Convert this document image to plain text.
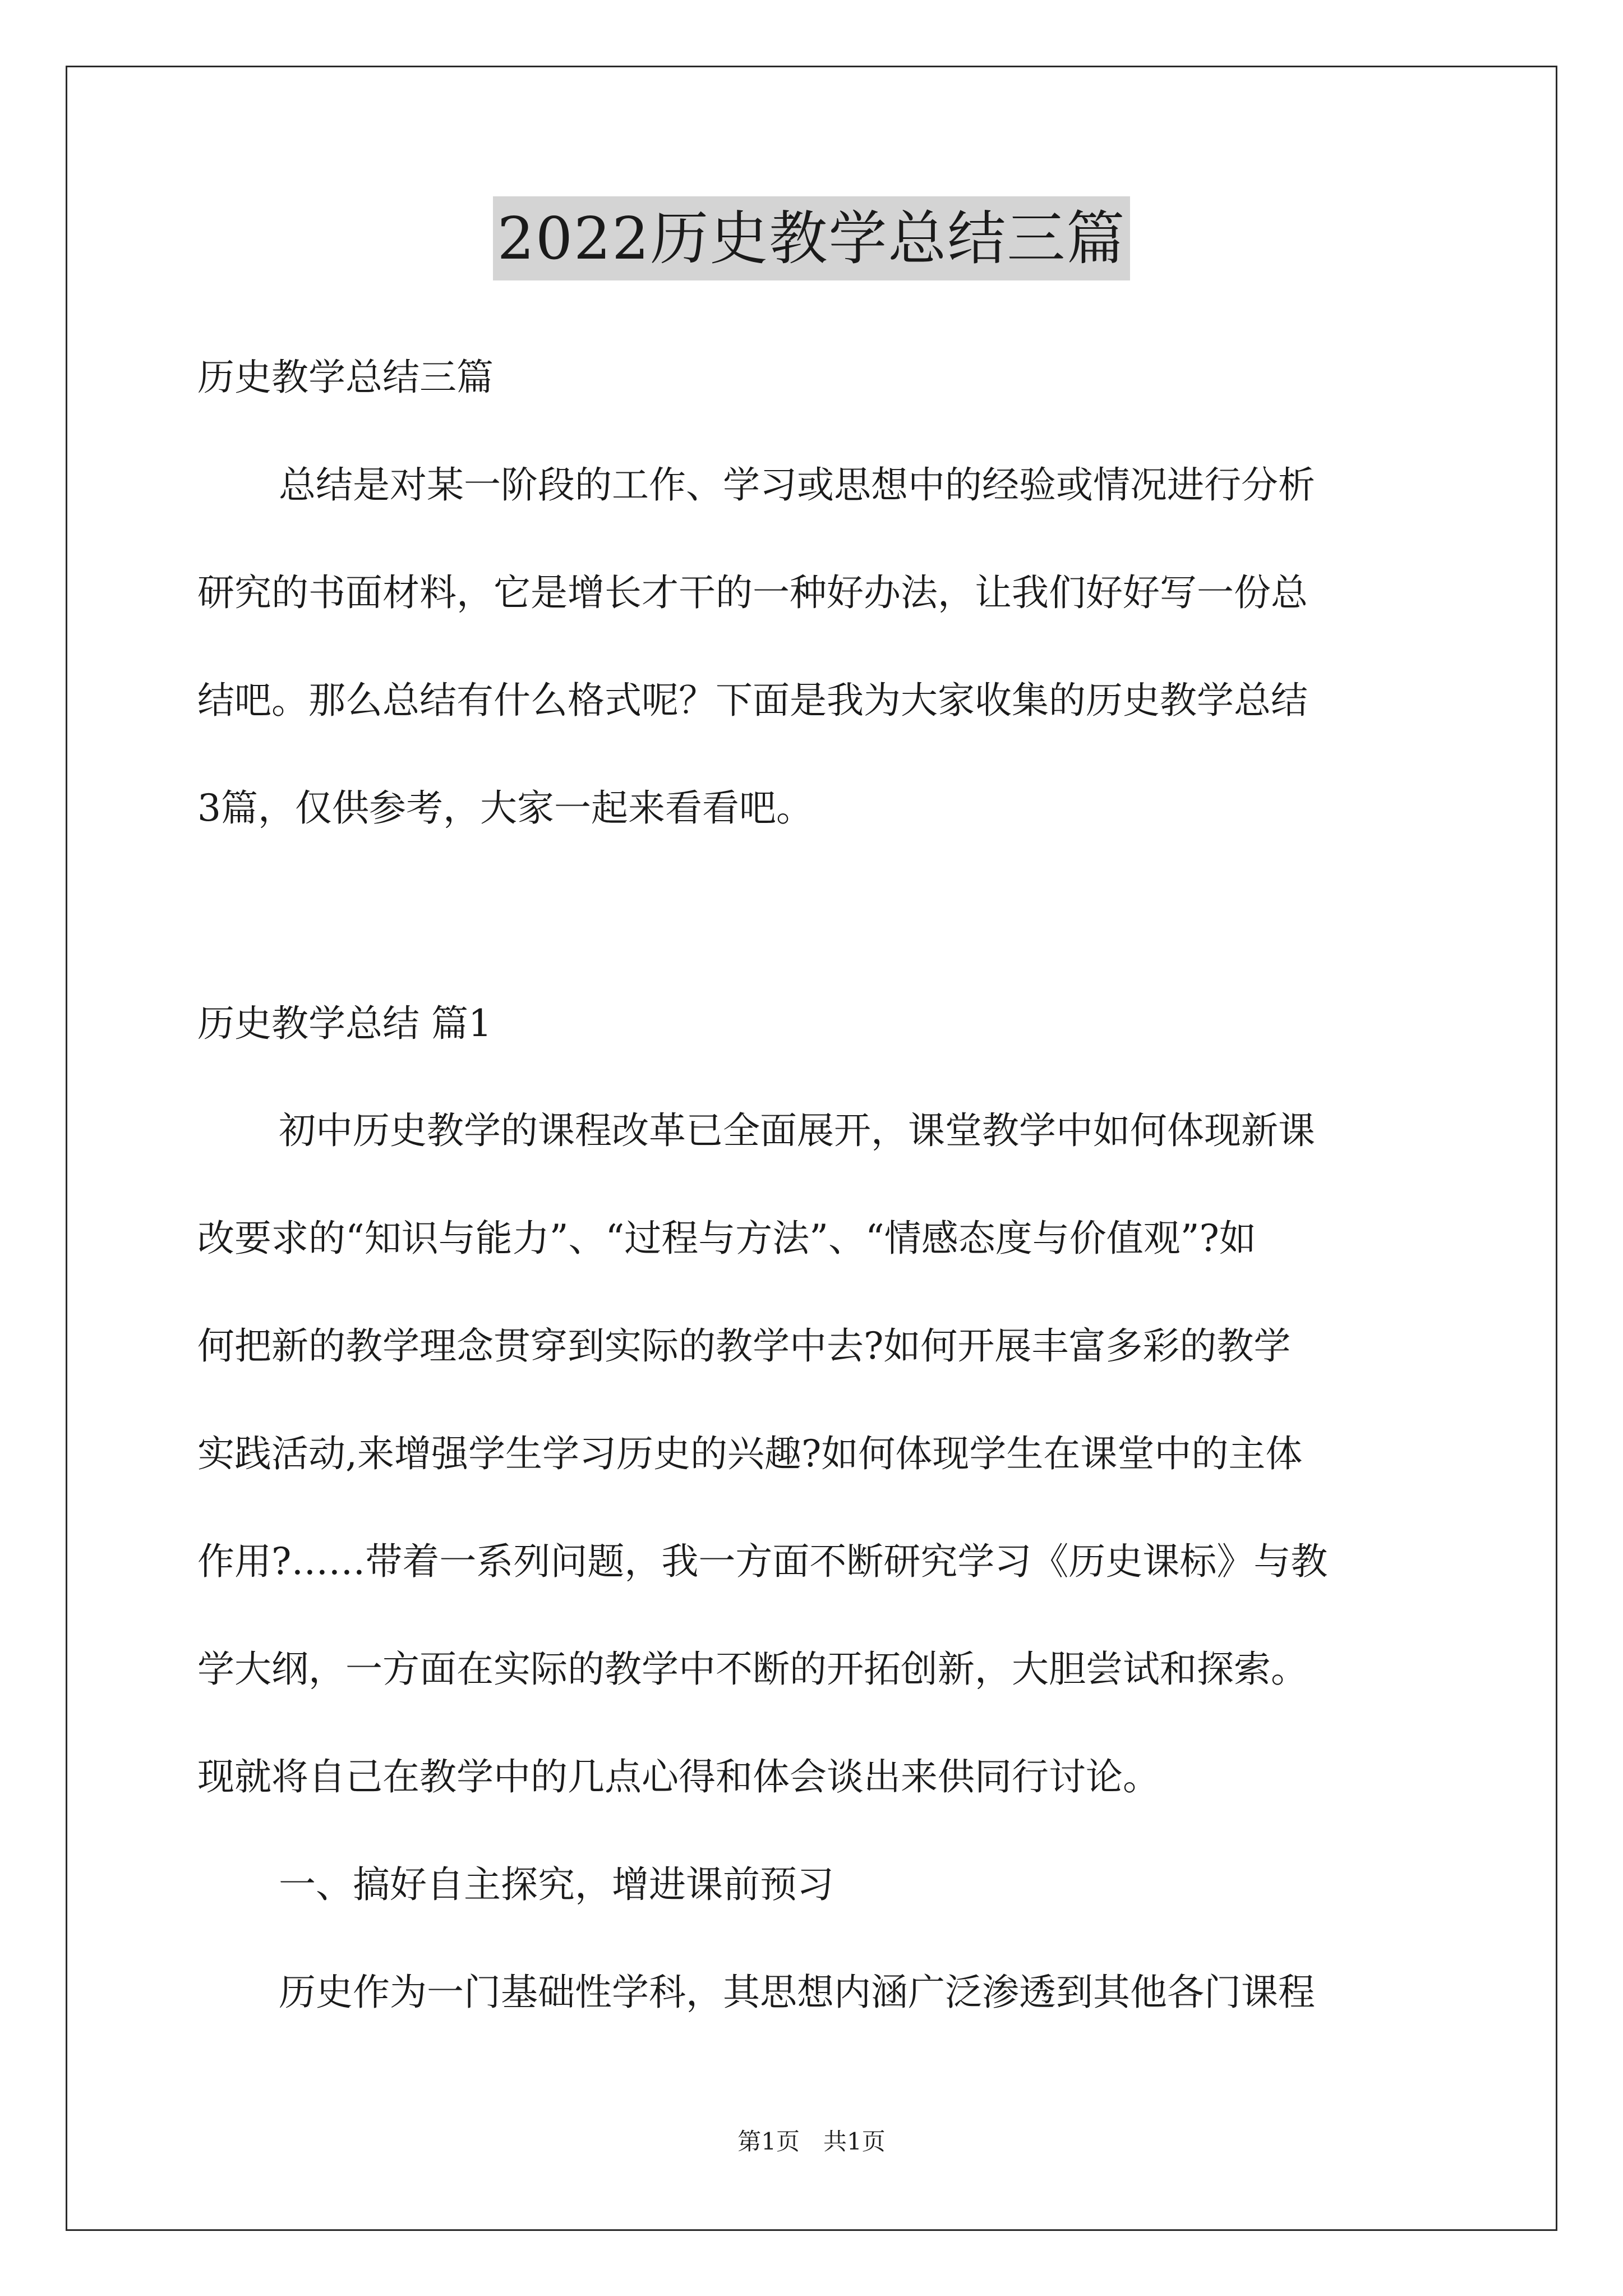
2022历史教学总结三篇
历史教学总结三篇
总结是对某一阶段的工作、学习或思想中的经验或情况进行分析
研究的书面材料，它是增长才干的一种好办法，让我们好好写一份总
结吧。那么总结有什么格式呢？下面是我为大家收集的历史教学总结
3篇，仅供参考，大家一起来看看吧。
历史教学总结 篇1
初中历史教学的课程改革已全面展开，课堂教学中如何体现新课
改要求的“知识与能力”、“过程与方法”、“情感态度与价值观”?如
何把新的教学理念贯穿到实际的教学中去?如何开展丰富多彩的教学
实践活动,来增强学生学习历史的兴趣?如何体现学生在课堂中的主体
作用?……带着一系列问题，我一方面不断研究学习《历史课标》与教
学大纲，一方面在实际的教学中不断的开拓创新，大胆尝试和探索。
现就将自己在教学中的几点心得和体会谈出来供同行讨论。
一、搞好自主探究，增进课前预习
历史作为一门基础性学科，其思想内涵广泛渗透到其他各门课程
第1页　共1页
